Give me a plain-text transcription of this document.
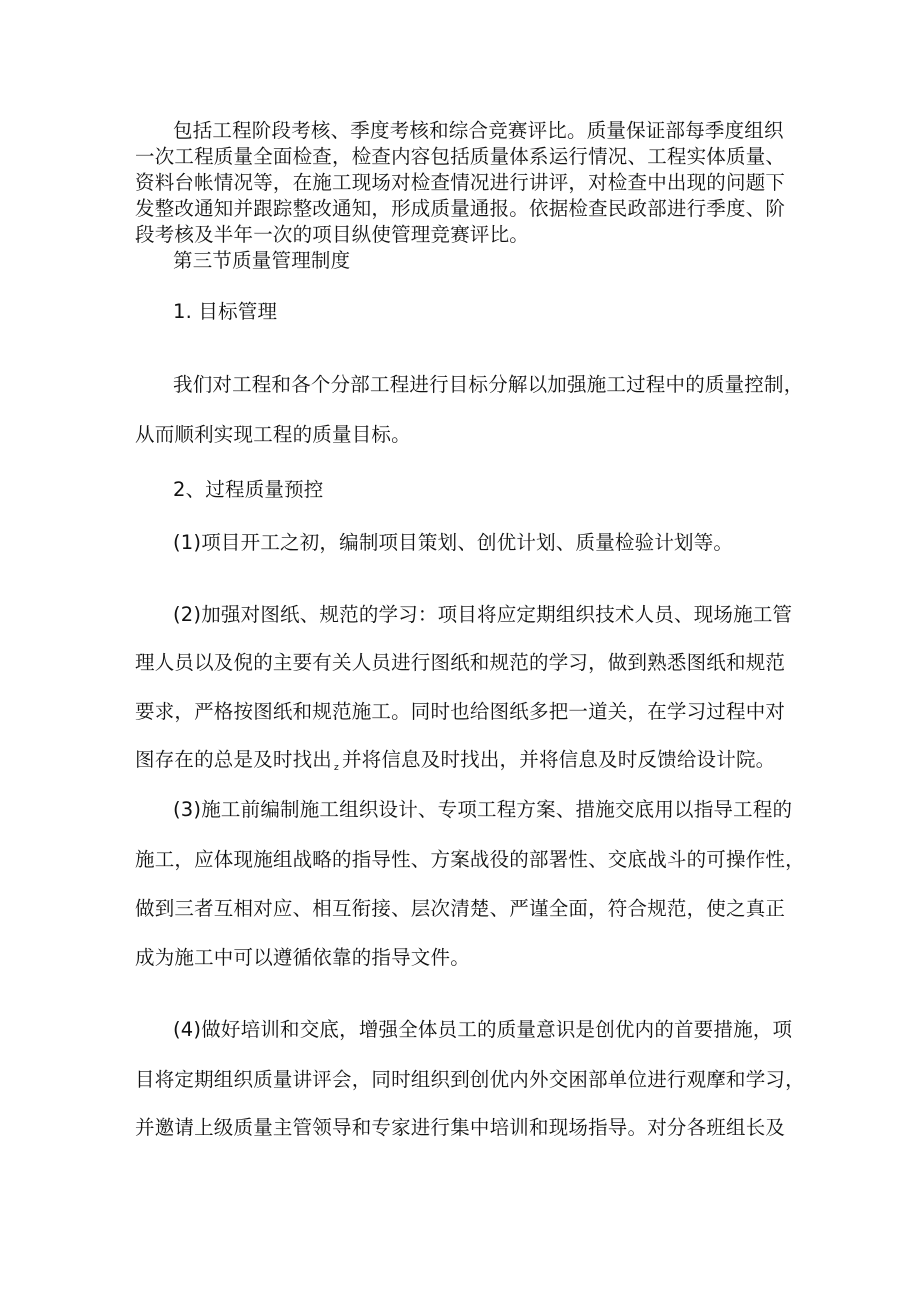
包括工程阶段考核、季度考核和综合竞赛评比。质量保证部每季度组织
一次工程质量全面检查，检查内容包括质量体系运行情况、工程实体质量、
资料台帐情况等，在施工现场对检查情况进行讲评，对检查中出现的问题下
发整改通知并跟踪整改通知，形成质量通报。依据检查民政部进行季度、阶
段考核及半年一次的项目纵使管理竞赛评比。
第三节质量管理制度
1. 目标管理
我们对工程和各个分部工程进行目标分解以加强施工过程中的质量控制，
从而顺利实现工程的质量目标。
2、过程质量预控
(1)项目开工之初，编制项目策划、创优计划、质量检验计划等。
(2)加强对图纸、规范的学习：项目将应定期组织技术人员、现场施工管
理人员以及倪的主要有关人员进行图纸和规范的学习，做到熟悉图纸和规范
要求，严格按图纸和规范施工。同时也给图纸多把一道关，在学习过程中对
图存在的总是及时找出 $_z$ 并将信息及时找出，并将信息及时反馈给设计院。
(3)施工前编制施工组织设计、专项工程方案、措施交底用以指导工程的
施工，应体现施组战略的指导性、方案战役的部署性、交底战斗的可操作性，
做到三者互相对应、相互衔接、层次清楚、严谨全面，符合规范，使之真正
成为施工中可以遵循依靠的指导文件。
(4)做好培训和交底，增强全体员工的质量意识是创优内的首要措施，项
目将定期组织质量讲评会，同时组织到创优内外交困部单位进行观摩和学习，
并邀请上级质量主管领导和专家进行集中培训和现场指导。对分各班组长及
